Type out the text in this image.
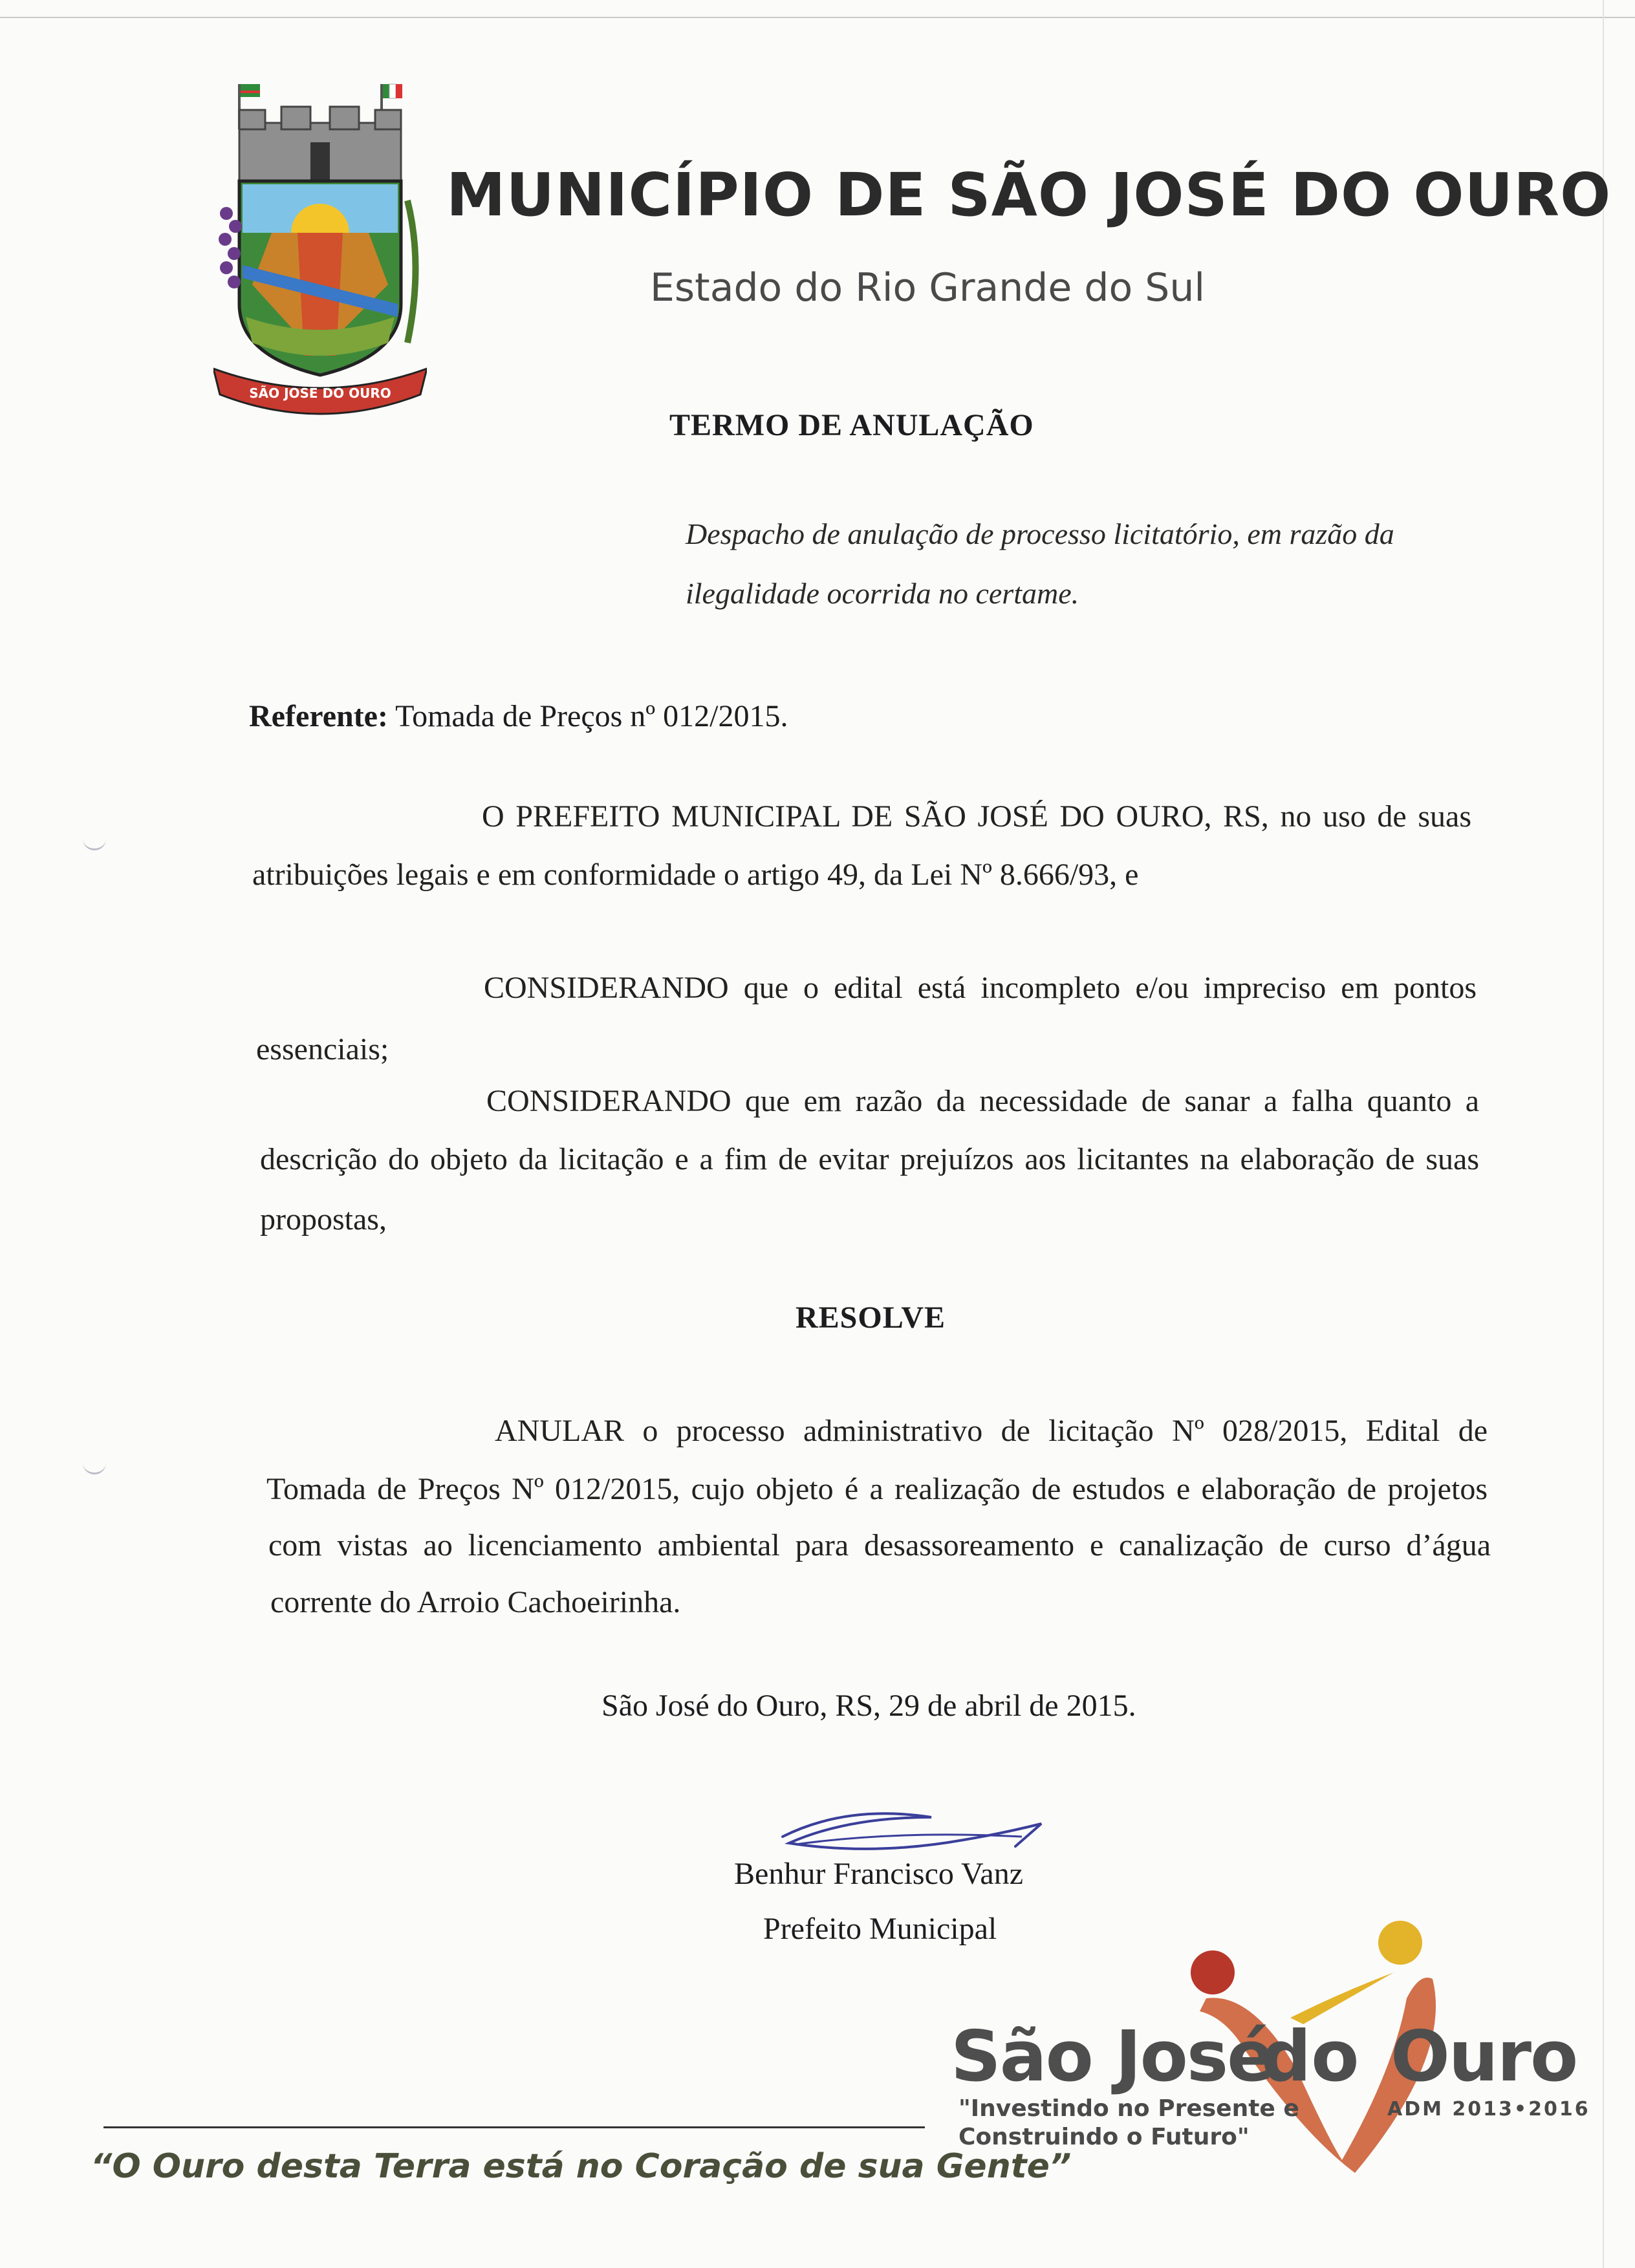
SÃO JOSÉ DO OURO
MUNICÍPIO DE SÃO JOSÉ DO OURO
Estado do Rio Grande do Sul
TERMO DE ANULAÇÃO
Despacho de anulação de processo licitatório, em razão da ilegalidade ocorrida no certame.
Referente: Tomada de Preços nº 012/2015.
O PREFEITO MUNICIPAL DE SÃO JOSÉ DO OURO, RS, no uso de suas
atribuições legais e em conformidade o artigo 49, da Lei Nº 8.666/93, e
CONSIDERANDO que o edital está incompleto e/ou impreciso em pontos
essenciais;
CONSIDERANDO que em razão da necessidade de sanar a falha quanto a
descrição do objeto da licitação e a fim de evitar prejuízos aos licitantes na elaboração de suas
propostas,
RESOLVE
ANULAR o processo administrativo de licitação Nº 028/2015, Edital de
Tomada de Preços Nº 012/2015, cujo objeto é a realização de estudos e elaboração de projetos
com vistas ao licenciamento ambiental para desassoreamento e canalização de curso d’água
corrente do Arroio Cachoeirinha.
São José do Ouro, RS, 29 de abril de 2015.
Benhur Francisco Vanz
Prefeito Municipal
“O Ouro desta Terra está no Coração de sua Gente”
São José
do Ouro
"Investindo no Presente e
Construindo o Futuro"
ADM 2013•2016
